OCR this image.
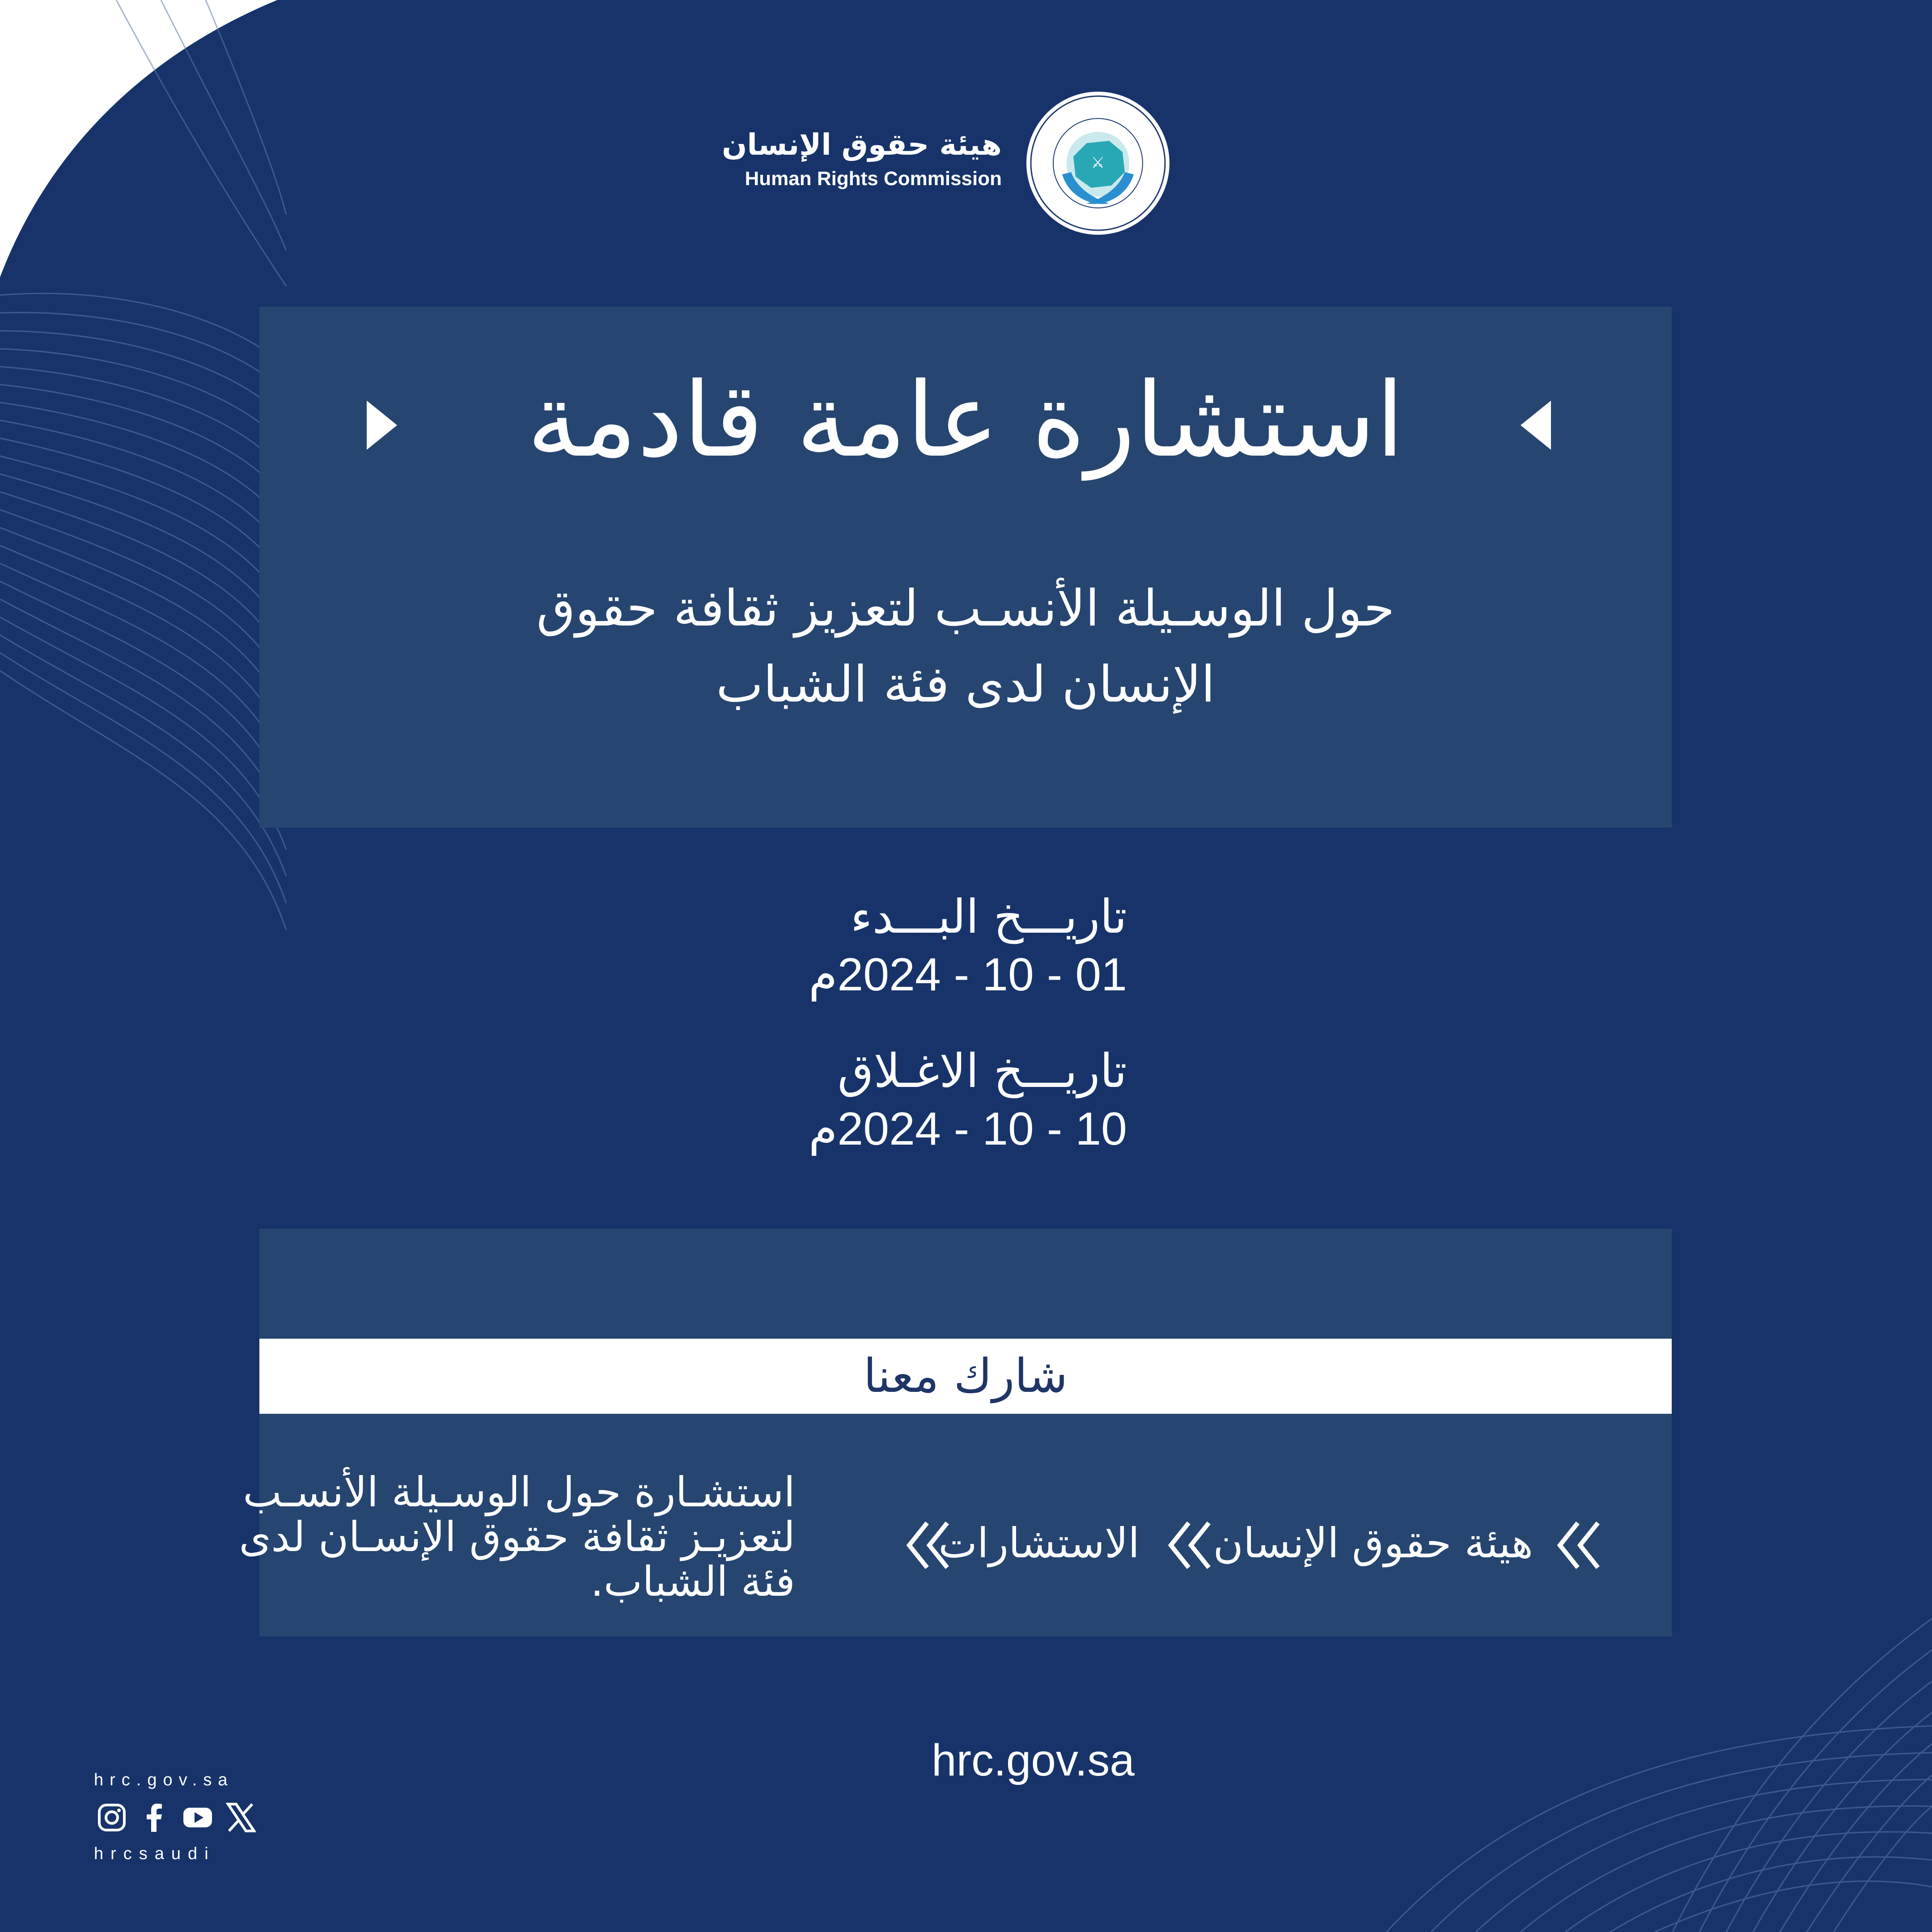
⚔
هيئة حقوق الإنسان
Human Rights Commission
استشارة عامة قادمة
حول الوسـيلة الأنسـب لتعزيز ثقافة حقوق
الإنسان لدى فئة الشباب
تاريـــخ البـــدء
01 - 10 - 2024م
تاريـــخ الاغـلاق
10 - 10 - 2024م
شارك معنا
هيئة حقوق الإنسان
الاستشارات
استشـارة حول الوسـيلة الأنسـب لتعزيـز ثقافة حقوق الإنسـان لدى فئة الشباب.
hrc.gov.sa
hrc.gov.sa
hrcsaudi
